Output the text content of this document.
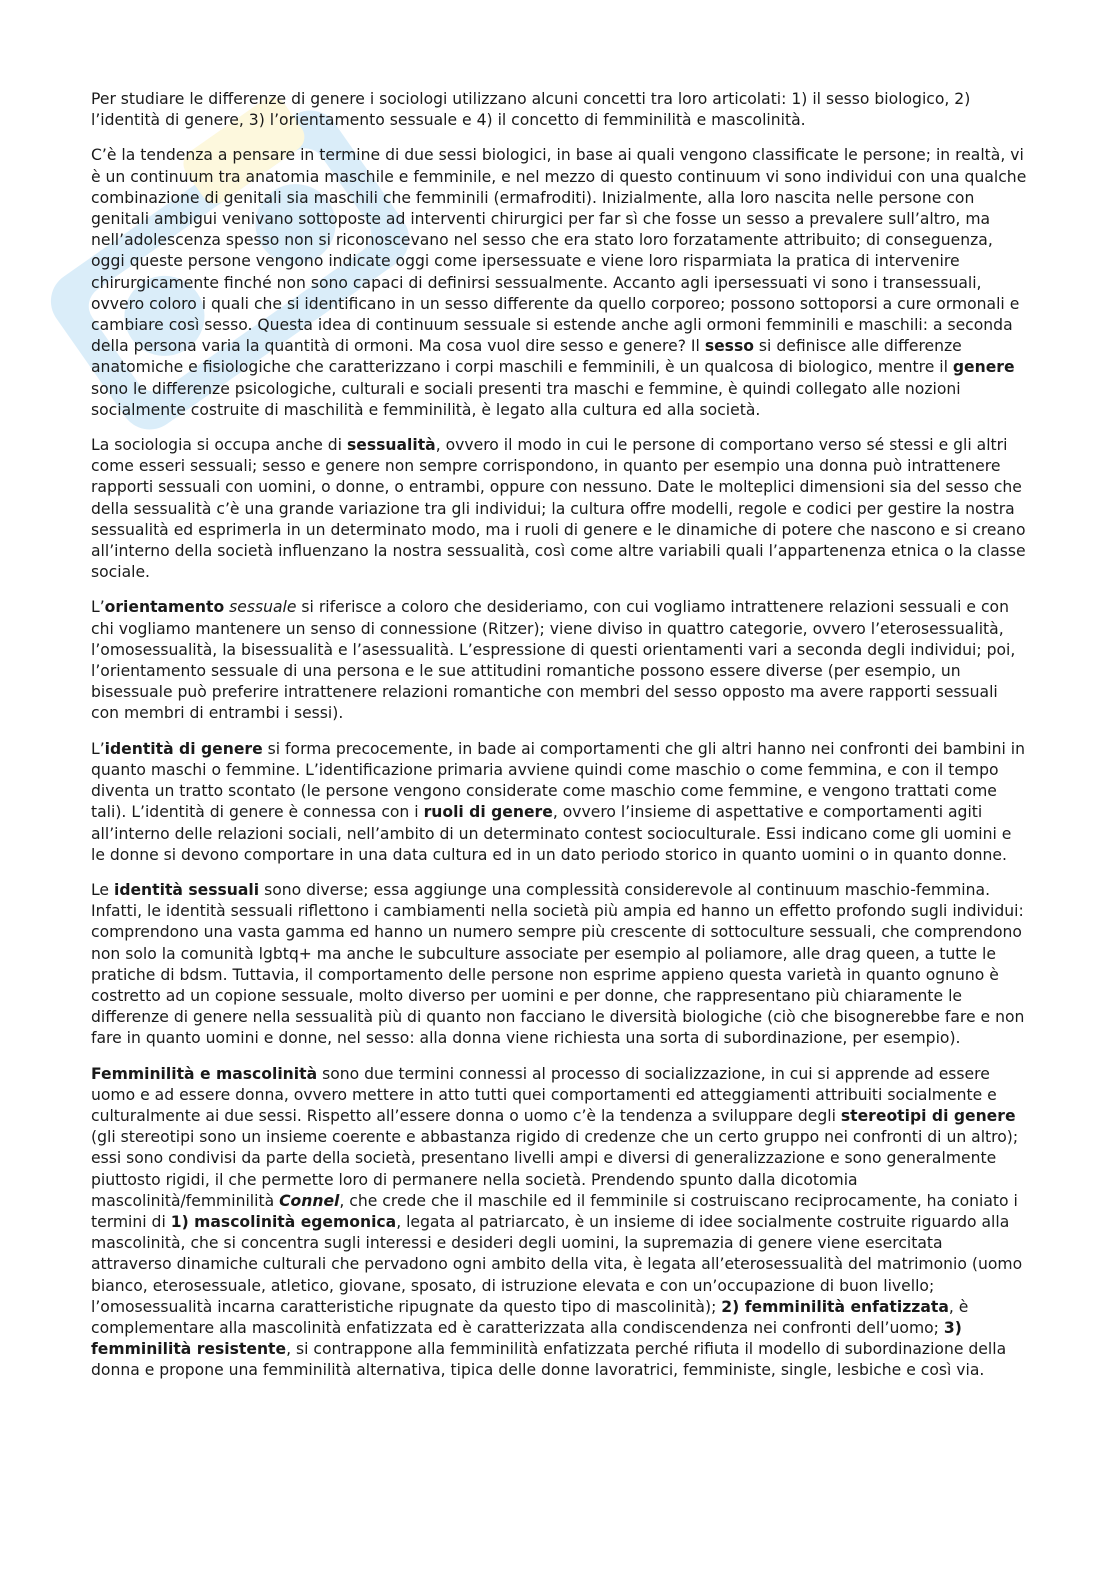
Per studiare le differenze di genere i sociologi utilizzano alcuni concetti tra loro articolati: 1) il sesso biologico, 2) l’identità di genere, 3) l’orientamento sessuale e 4) il concetto di femminilità e mascolinità.

C’è la tendenza a pensare in termine di due sessi biologici, in base ai quali vengono classificate le persone; in realtà, vi è un continuum tra anatomia maschile e femminile, e nel mezzo di questo continuum vi sono individui con una qualche combinazione di genitali sia maschili che femminili (ermafroditi). Inizialmente, alla loro nascita nelle persone con genitali ambigui venivano sottoposte ad interventi chirurgici per far sì che fosse un sesso a prevalere sull’altro, ma nell’adolescenza spesso non si riconoscevano nel sesso che era stato loro forzatamente attribuito; di conseguenza, oggi queste persone vengono indicate oggi come ipersessuate e viene loro risparmiata la pratica di intervenire chirurgicamente finché non sono capaci di definirsi sessualmente. Accanto agli ipersessuati vi sono i transessuali, ovvero coloro i quali che si identificano in un sesso differente da quello corporeo; possono sottoporsi a cure ormonali e cambiare così sesso. Questa idea di continuum sessuale si estende anche agli ormoni femminili e maschili: a seconda della persona varia la quantità di ormoni. Ma cosa vuol dire sesso e genere? Il sesso si definisce alle differenze anatomiche e fisiologiche che caratterizzano i corpi maschili e femminili, è un qualcosa di biologico, mentre il genere sono le differenze psicologiche, culturali e sociali presenti tra maschi e femmine, è quindi collegato alle nozioni socialmente costruite di maschilità e femminilità, è legato alla cultura ed alla società.

La sociologia si occupa anche di sessualità, ovvero il modo in cui le persone di comportano verso sé stessi e gli altri come esseri sessuali; sesso e genere non sempre corrispondono, in quanto per esempio una donna può intrattenere rapporti sessuali con uomini, o donne, o entrambi, oppure con nessuno. Date le molteplici dimensioni sia del sesso che della sessualità c’è una grande variazione tra gli individui; la cultura offre modelli, regole e codici per gestire la nostra sessualità ed esprimerla in un determinato modo, ma i ruoli di genere e le dinamiche di potere che nascono e si creano all’interno della società influenzano la nostra sessualità, così come altre variabili quali l’appartenenza etnica o la classe sociale.

L’orientamento sessuale si riferisce a coloro che desideriamo, con cui vogliamo intrattenere relazioni sessuali e con chi vogliamo mantenere un senso di connessione (Ritzer); viene diviso in quattro categorie, ovvero l’eterosessualità, l’omosessualità, la bisessualità e l’asessualità. L’espressione di questi orientamenti vari a seconda degli individui; poi, l’orientamento sessuale di una persona e le sue attitudini romantiche possono essere diverse (per esempio, un bisessuale può preferire intrattenere relazioni romantiche con membri del sesso opposto ma avere rapporti sessuali con membri di entrambi i sessi).

L’identità di genere si forma precocemente, in bade ai comportamenti che gli altri hanno nei confronti dei bambini in quanto maschi o femmine. L’identificazione primaria avviene quindi come maschio o come femmina, e con il tempo diventa un tratto scontato (le persone vengono considerate come maschio come femmine, e vengono trattati come tali). L’identità di genere è connessa con i ruoli di genere, ovvero l’insieme di aspettative e comportamenti agiti all’interno delle relazioni sociali, nell’ambito di un determinato contest socioculturale. Essi indicano come gli uomini e le donne si devono comportare in una data cultura ed in un dato periodo storico in quanto uomini o in quanto donne.

Le identità sessuali sono diverse; essa aggiunge una complessità considerevole al continuum maschio-femmina. Infatti, le identità sessuali riflettono i cambiamenti nella società più ampia ed hanno un effetto profondo sugli individui: comprendono una vasta gamma ed hanno un numero sempre più crescente di sottoculture sessuali, che comprendono non solo la comunità lgbtq+ ma anche le subculture associate per esempio al poliamore, alle drag queen, a tutte le pratiche di bdsm. Tuttavia, il comportamento delle persone non esprime appieno questa varietà in quanto ognuno è costretto ad un copione sessuale, molto diverso per uomini e per donne, che rappresentano più chiaramente le differenze di genere nella sessualità più di quanto non facciano le diversità biologiche (ciò che bisognerebbe fare e non fare in quanto uomini e donne, nel sesso: alla donna viene richiesta una sorta di subordinazione, per esempio).

Femminilità e mascolinità sono due termini connessi al processo di socializzazione, in cui si apprende ad essere uomo e ad essere donna, ovvero mettere in atto tutti quei comportamenti ed atteggiamenti attribuiti socialmente e culturalmente ai due sessi. Rispetto all’essere donna o uomo c’è la tendenza a sviluppare degli stereotipi di genere (gli stereotipi sono un insieme coerente e abbastanza rigido di credenze che un certo gruppo nei confronti di un altro); essi sono condivisi da parte della società, presentano livelli ampi e diversi di generalizzazione e sono generalmente piuttosto rigidi, il che permette loro di permanere nella società. Prendendo spunto dalla dicotomia mascolinità/femminilità Connel, che crede che il maschile ed il femminile si costruiscano reciprocamente, ha coniato i termini di 1) mascolinità egemonica, legata al patriarcato, è un insieme di idee socialmente costruite riguardo alla mascolinità, che si concentra sugli interessi e desideri degli uomini, la supremazia di genere viene esercitata attraverso dinamiche culturali che pervadono ogni ambito della vita, è legata all’eterosessualità del matrimonio (uomo bianco, eterosessuale, atletico, giovane, sposato, di istruzione elevata e con un’occupazione di buon livello; l’omosessualità incarna caratteristiche ripugnate da questo tipo di mascolinità); 2) femminilità enfatizzata, è complementare alla mascolinità enfatizzata ed è caratterizzata alla condiscendenza nei confronti dell’uomo; 3) femminilità resistente, si contrappone alla femminilità enfatizzata perché rifiuta il modello di subordinazione della donna e propone una femminilità alternativa, tipica delle donne lavoratrici, femministe, single, lesbiche e così via.
